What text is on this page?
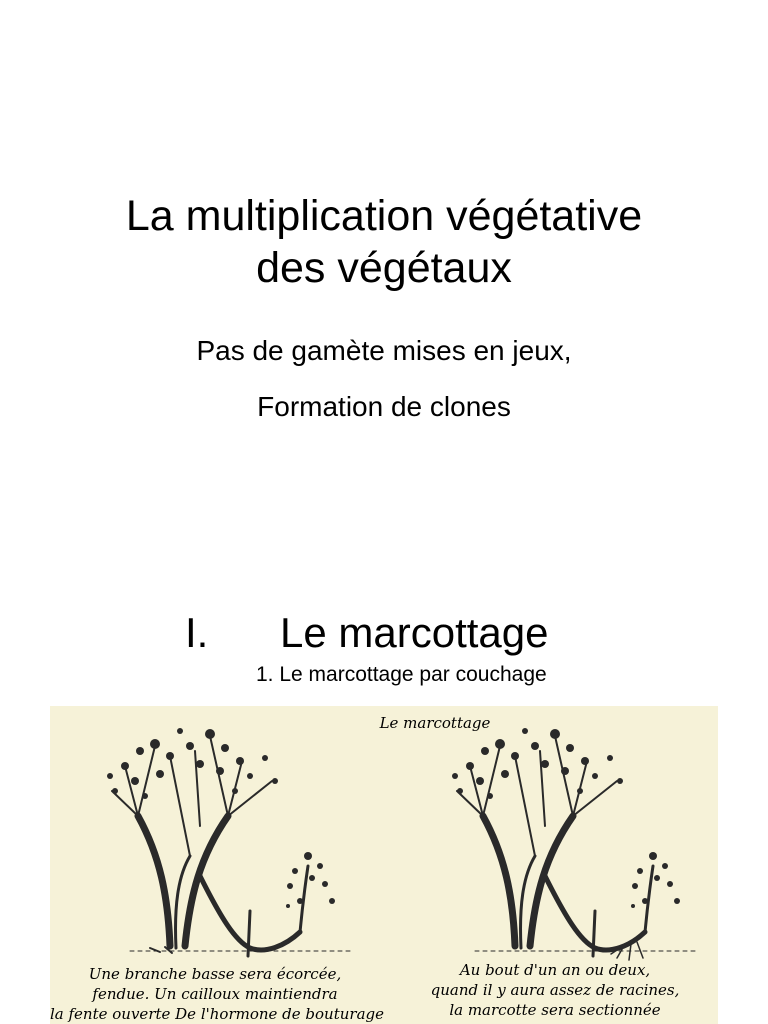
La multiplication végétative
des végétaux
Pas de gamète mises en jeux,
Formation de clones
I. Le marcottage
1. Le marcottage par couchage
Le marcottage
Une branche basse sera écorcée,
fendue. Un cailloux maintiendra
la fente ouverte De l'hormone de bouturage
Au bout d'un an ou deux,
quand il y aura assez de racines,
la marcotte sera sectionnée
